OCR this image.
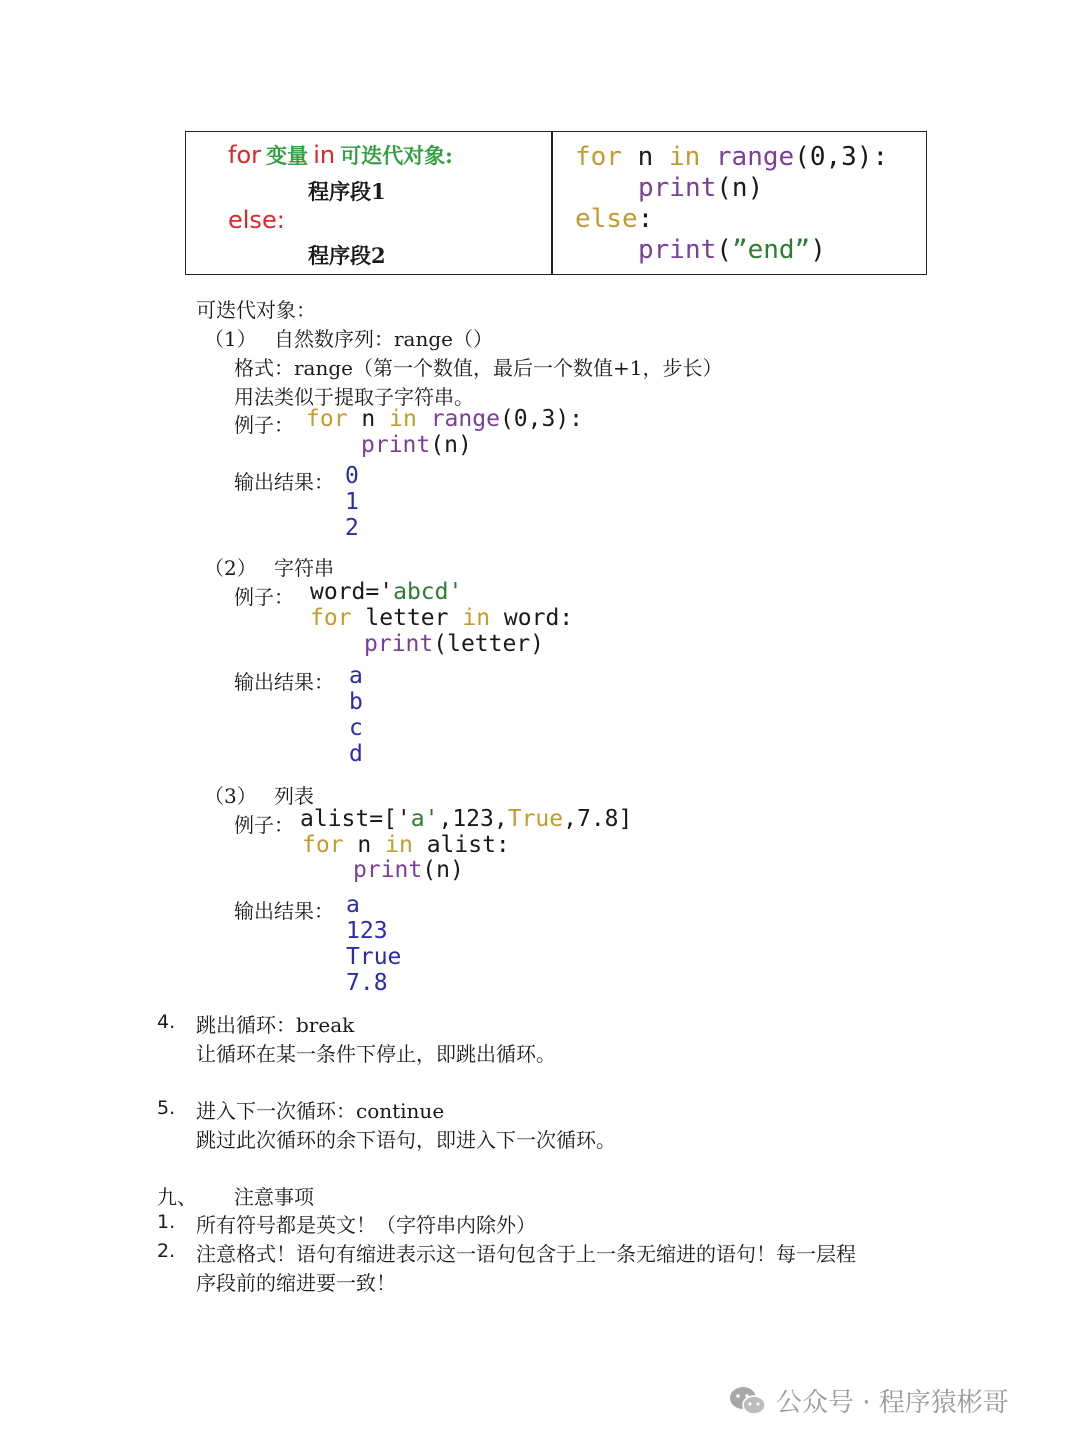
for 变量 in 可迭代对象:
程序段1
else:
程序段2
for n in range(0,3):
print(n)
else:
print(”end”)
可迭代对象：
（1） 自然数序列：range（）
格式：range（第一个数值，最后一个数值+1，步长）
用法类似于提取子字符串。
例子： for n in range(0,3):
print(n)
输出结果： 0
1
2
（2） 字符串
例子： word='abcd'
for letter in word:
print(letter)
输出结果： a
b
c
d
（3） 列表
例子： alist=['a',123,True,7.8]
for n in alist:
print(n)
输出结果： a
123
True
7.8
4. 跳出循环：break
让循环在某一条件下停止，即跳出循环。
5. 进入下一次循环：continue
跳过此次循环的余下语句，即进入下一次循环。
九、 注意事项
1. 所有符号都是英文！（字符串内除外）
2. 注意格式！语句有缩进表示这一语句包含于上一条无缩进的语句！每一层程
序段前的缩进要一致！
公众号 · 程序猿彬哥
